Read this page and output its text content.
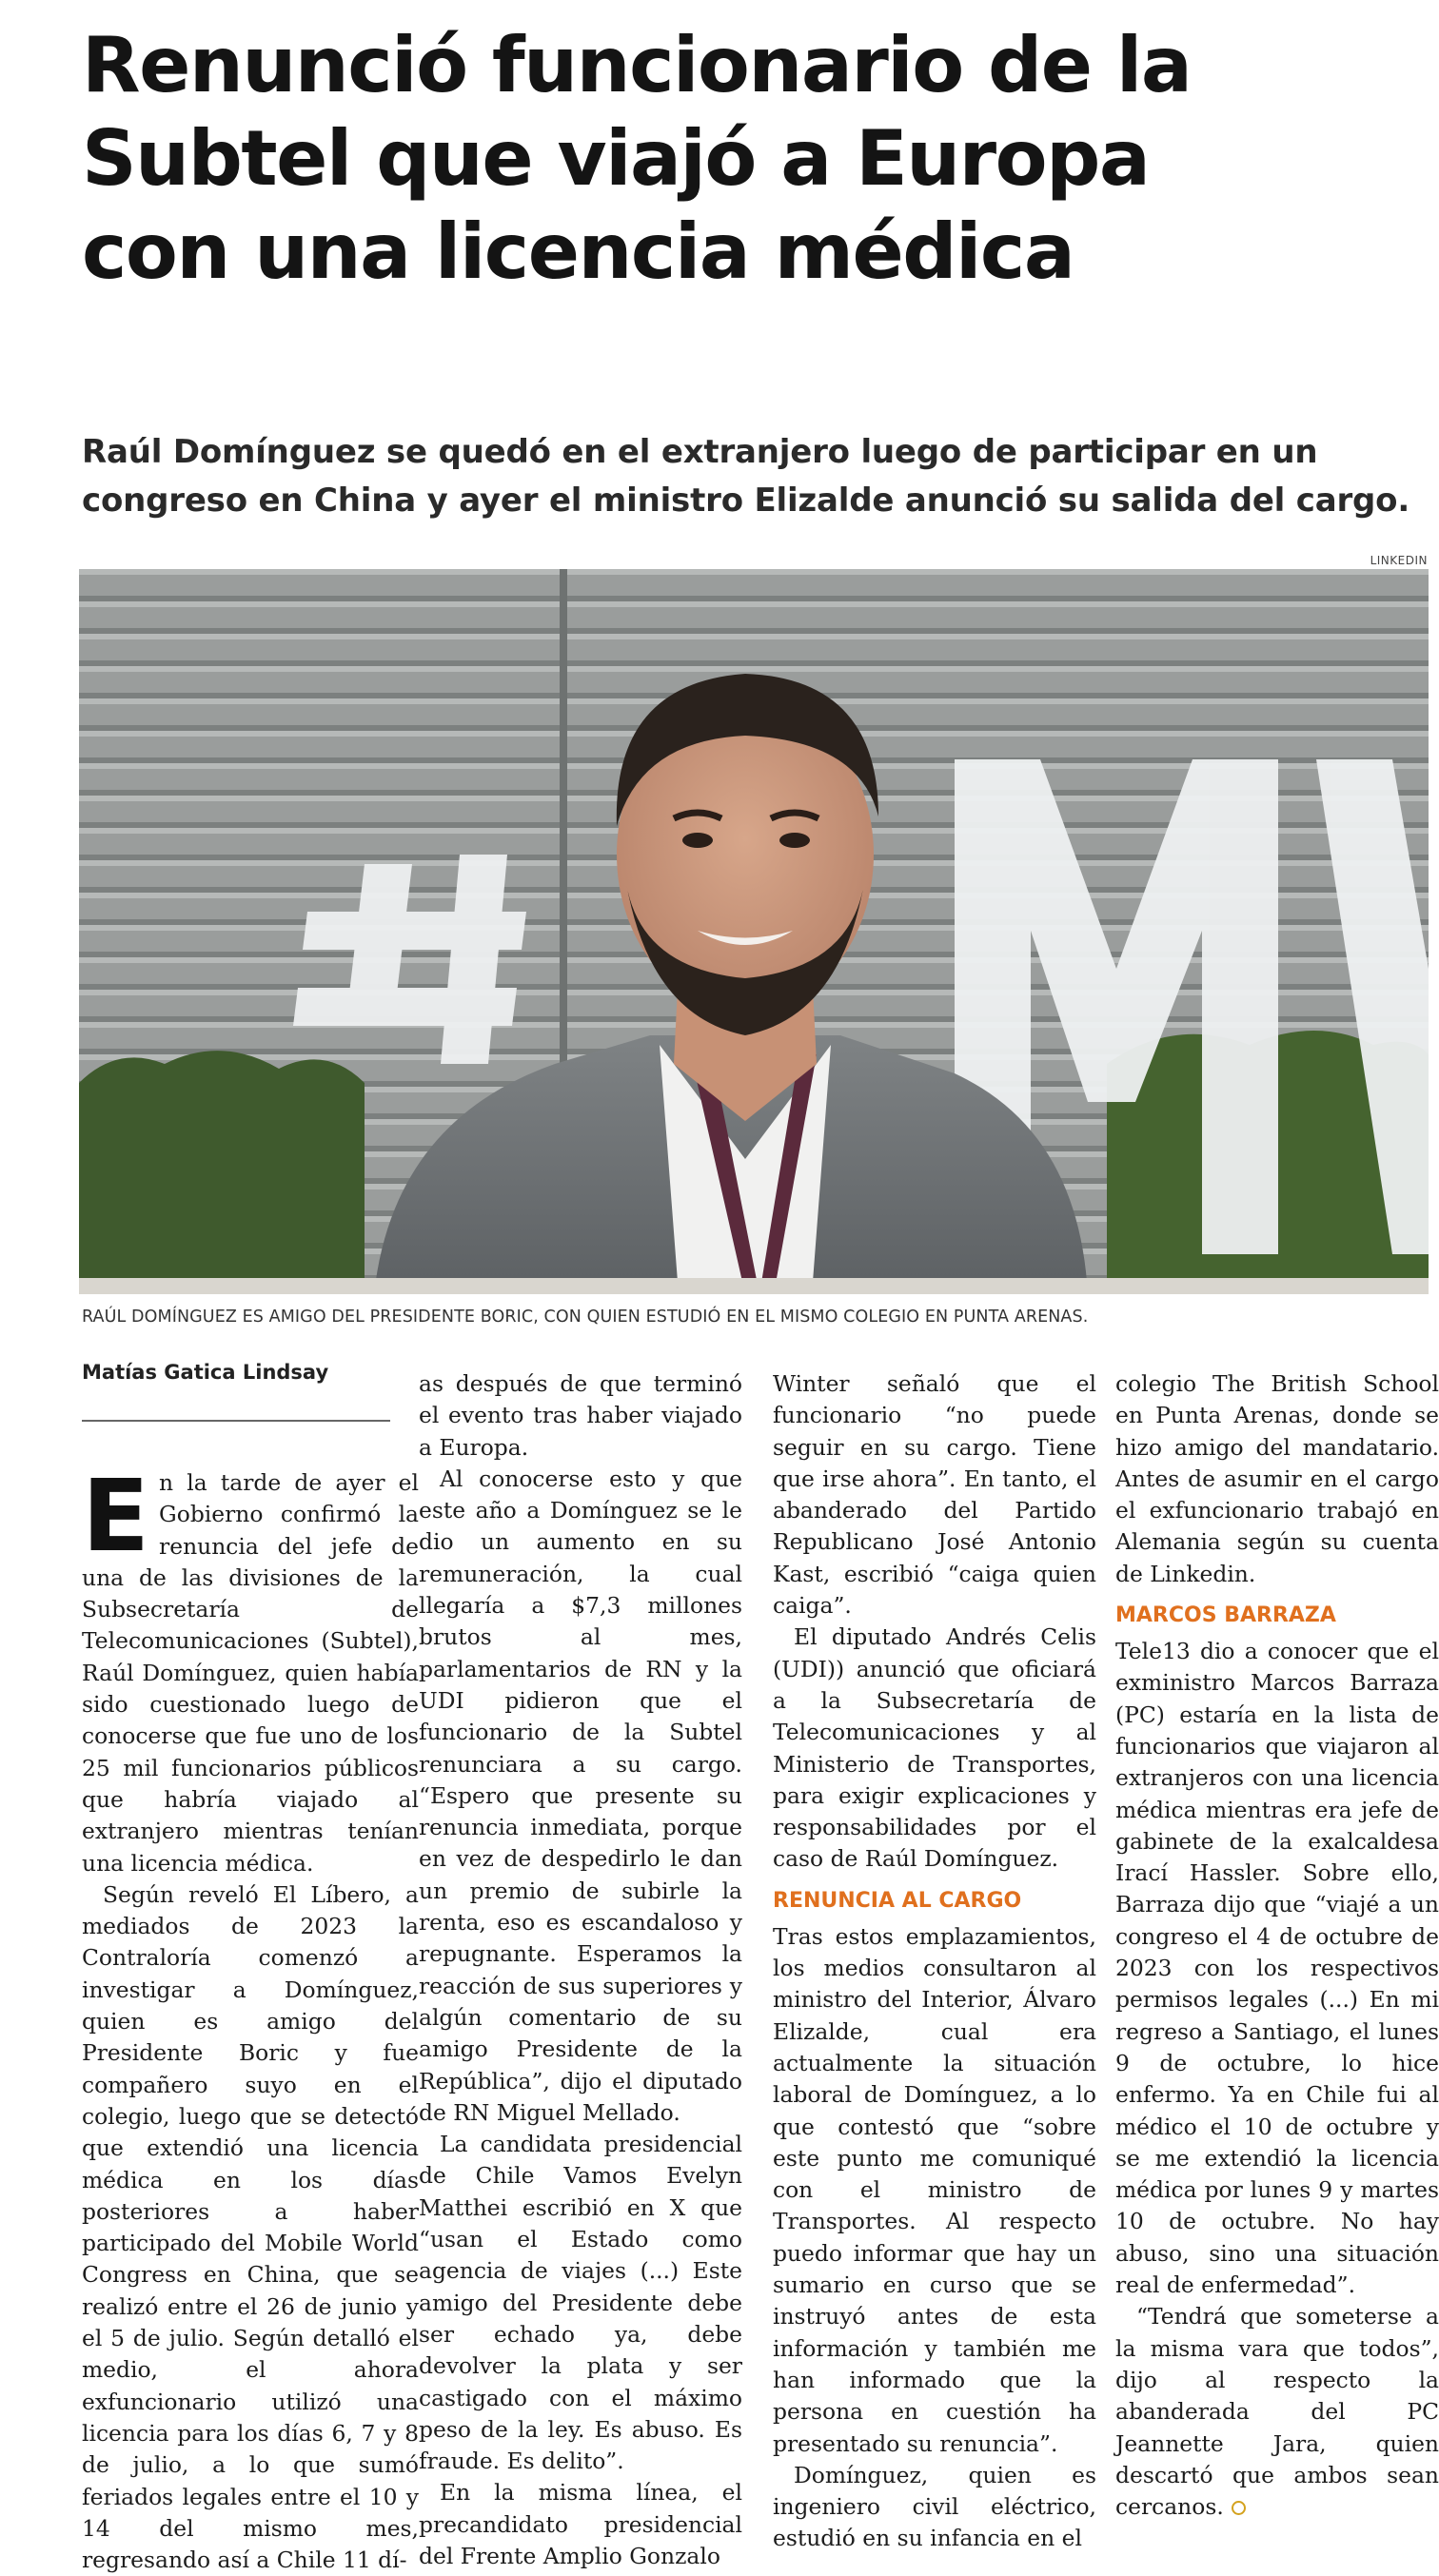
Renunció funcionario de la
Subtel que viajó a Europa
con una licencia médica
Raúl Domínguez se quedó en el extranjero luego de participar en un
congreso en China y ayer el ministro Elizalde anunció su salida del cargo.
LINKEDIN
RAÚL DOMÍNGUEZ ES AMIGO DEL PRESIDENTE BORIC, CON QUIEN ESTUDIÓ EN EL MISMO COLEGIO EN PUNTA ARENAS.
Matías Gatica Lindsay

En la tarde de ayer el Gobierno confirmó la renuncia del jefe de una de las divisiones de la Subsecretaría de Telecomunicaciones (Subtel), Raúl Domínguez, quien había sido cuestionado luego de conocerse que fue uno de los 25 mil funcionarios públicos que habría viajado al extranjero mientras tenían una licencia médica.

Según reveló El Líbero, a mediados de 2023 la Contraloría comenzó a investigar a Domínguez, quien es amigo del Presidente Boric y fue compañero suyo en el colegio, luego que se detectó que extendió una licencia médica en los días posteriores a haber participado del Mobile World Congress en China, que se realizó entre el 26 de junio y el 5 de julio. Según detalló el medio, el ahora exfuncionario utilizó una licencia para los días 6, 7 y 8 de julio, a lo que sumó feriados legales entre el 10 y 14 del mismo mes, regresando así a Chile 11 dí-

as después de que terminó el evento tras haber viajado a Europa.

Al conocerse esto y que este año a Domínguez se le dio un aumento en su remuneración, la cual llegaría a $7,3 millones brutos al mes, parlamentarios de RN y la UDI pidieron que el funcionario de la Subtel renunciara a su cargo. “Espero que presente su renuncia inmediata, porque en vez de despedirlo le dan un premio de subirle la renta, eso es escandaloso y repugnante. Esperamos la reacción de sus superiores y algún comentario de su amigo Presidente de la República”, dijo el diputado de RN Miguel Mellado.

La candidata presidencial de Chile Vamos Evelyn Matthei escribió en X que “usan el Estado como agencia de viajes (...) Este amigo del Presidente debe ser echado ya, debe devolver la plata y ser castigado con el máximo peso de la ley. Es abuso. Es fraude. Es delito”.

En la misma línea, el precandidato presidencial del Frente Amplio Gonzalo

Winter señaló que el funcionario “no puede seguir en su cargo. Tiene que irse ahora”. En tanto, el abanderado del Partido Republicano José Antonio Kast, escribió “caiga quien caiga”.

El diputado Andrés Celis (UDI)) anunció que oficiará a la Subsecretaría de Telecomunicaciones y al Ministerio de Transportes, para exigir explicaciones y responsabilidades por el caso de Raúl Domínguez.

RENUNCIA AL CARGO

Tras estos emplazamientos, los medios consultaron al ministro del Interior, Álvaro Elizalde, cual era actualmente la situación laboral de Domínguez, a lo que contestó que “sobre este punto me comuniqué con el ministro de Transportes. Al respecto puedo informar que hay un sumario en curso que se instruyó antes de esta información y también me han informado que la persona en cuestión ha presentado su renuncia”.

Domínguez, quien es ingeniero civil eléctrico, estudió en su infancia en el

colegio The British School en Punta Arenas, donde se hizo amigo del mandatario. Antes de asumir en el cargo el exfuncionario trabajó en Alemania según su cuenta de Linkedin.

MARCOS BARRAZA

Tele13 dio a conocer que el exministro Marcos Barraza (PC) estaría en la lista de funcionarios que viajaron al extranjeros con una licencia médica mientras era jefe de gabinete de la exalcaldesa Irací Hassler. Sobre ello, Barraza dijo que “viajé a un congreso el 4 de octubre de 2023 con los respectivos permisos legales (...) En mi regreso a Santiago, el lunes 9 de octubre, lo hice enfermo. Ya en Chile fui al médico el 10 de octubre y se me extendió la licencia médica por lunes 9 y martes 10 de octubre. No hay abuso, sino una situación real de enfermedad”.

“Tendrá que someterse a la misma vara que todos”, dijo al respecto la abanderada del PC Jeannette Jara, quien descartó que ambos sean cercanos.
